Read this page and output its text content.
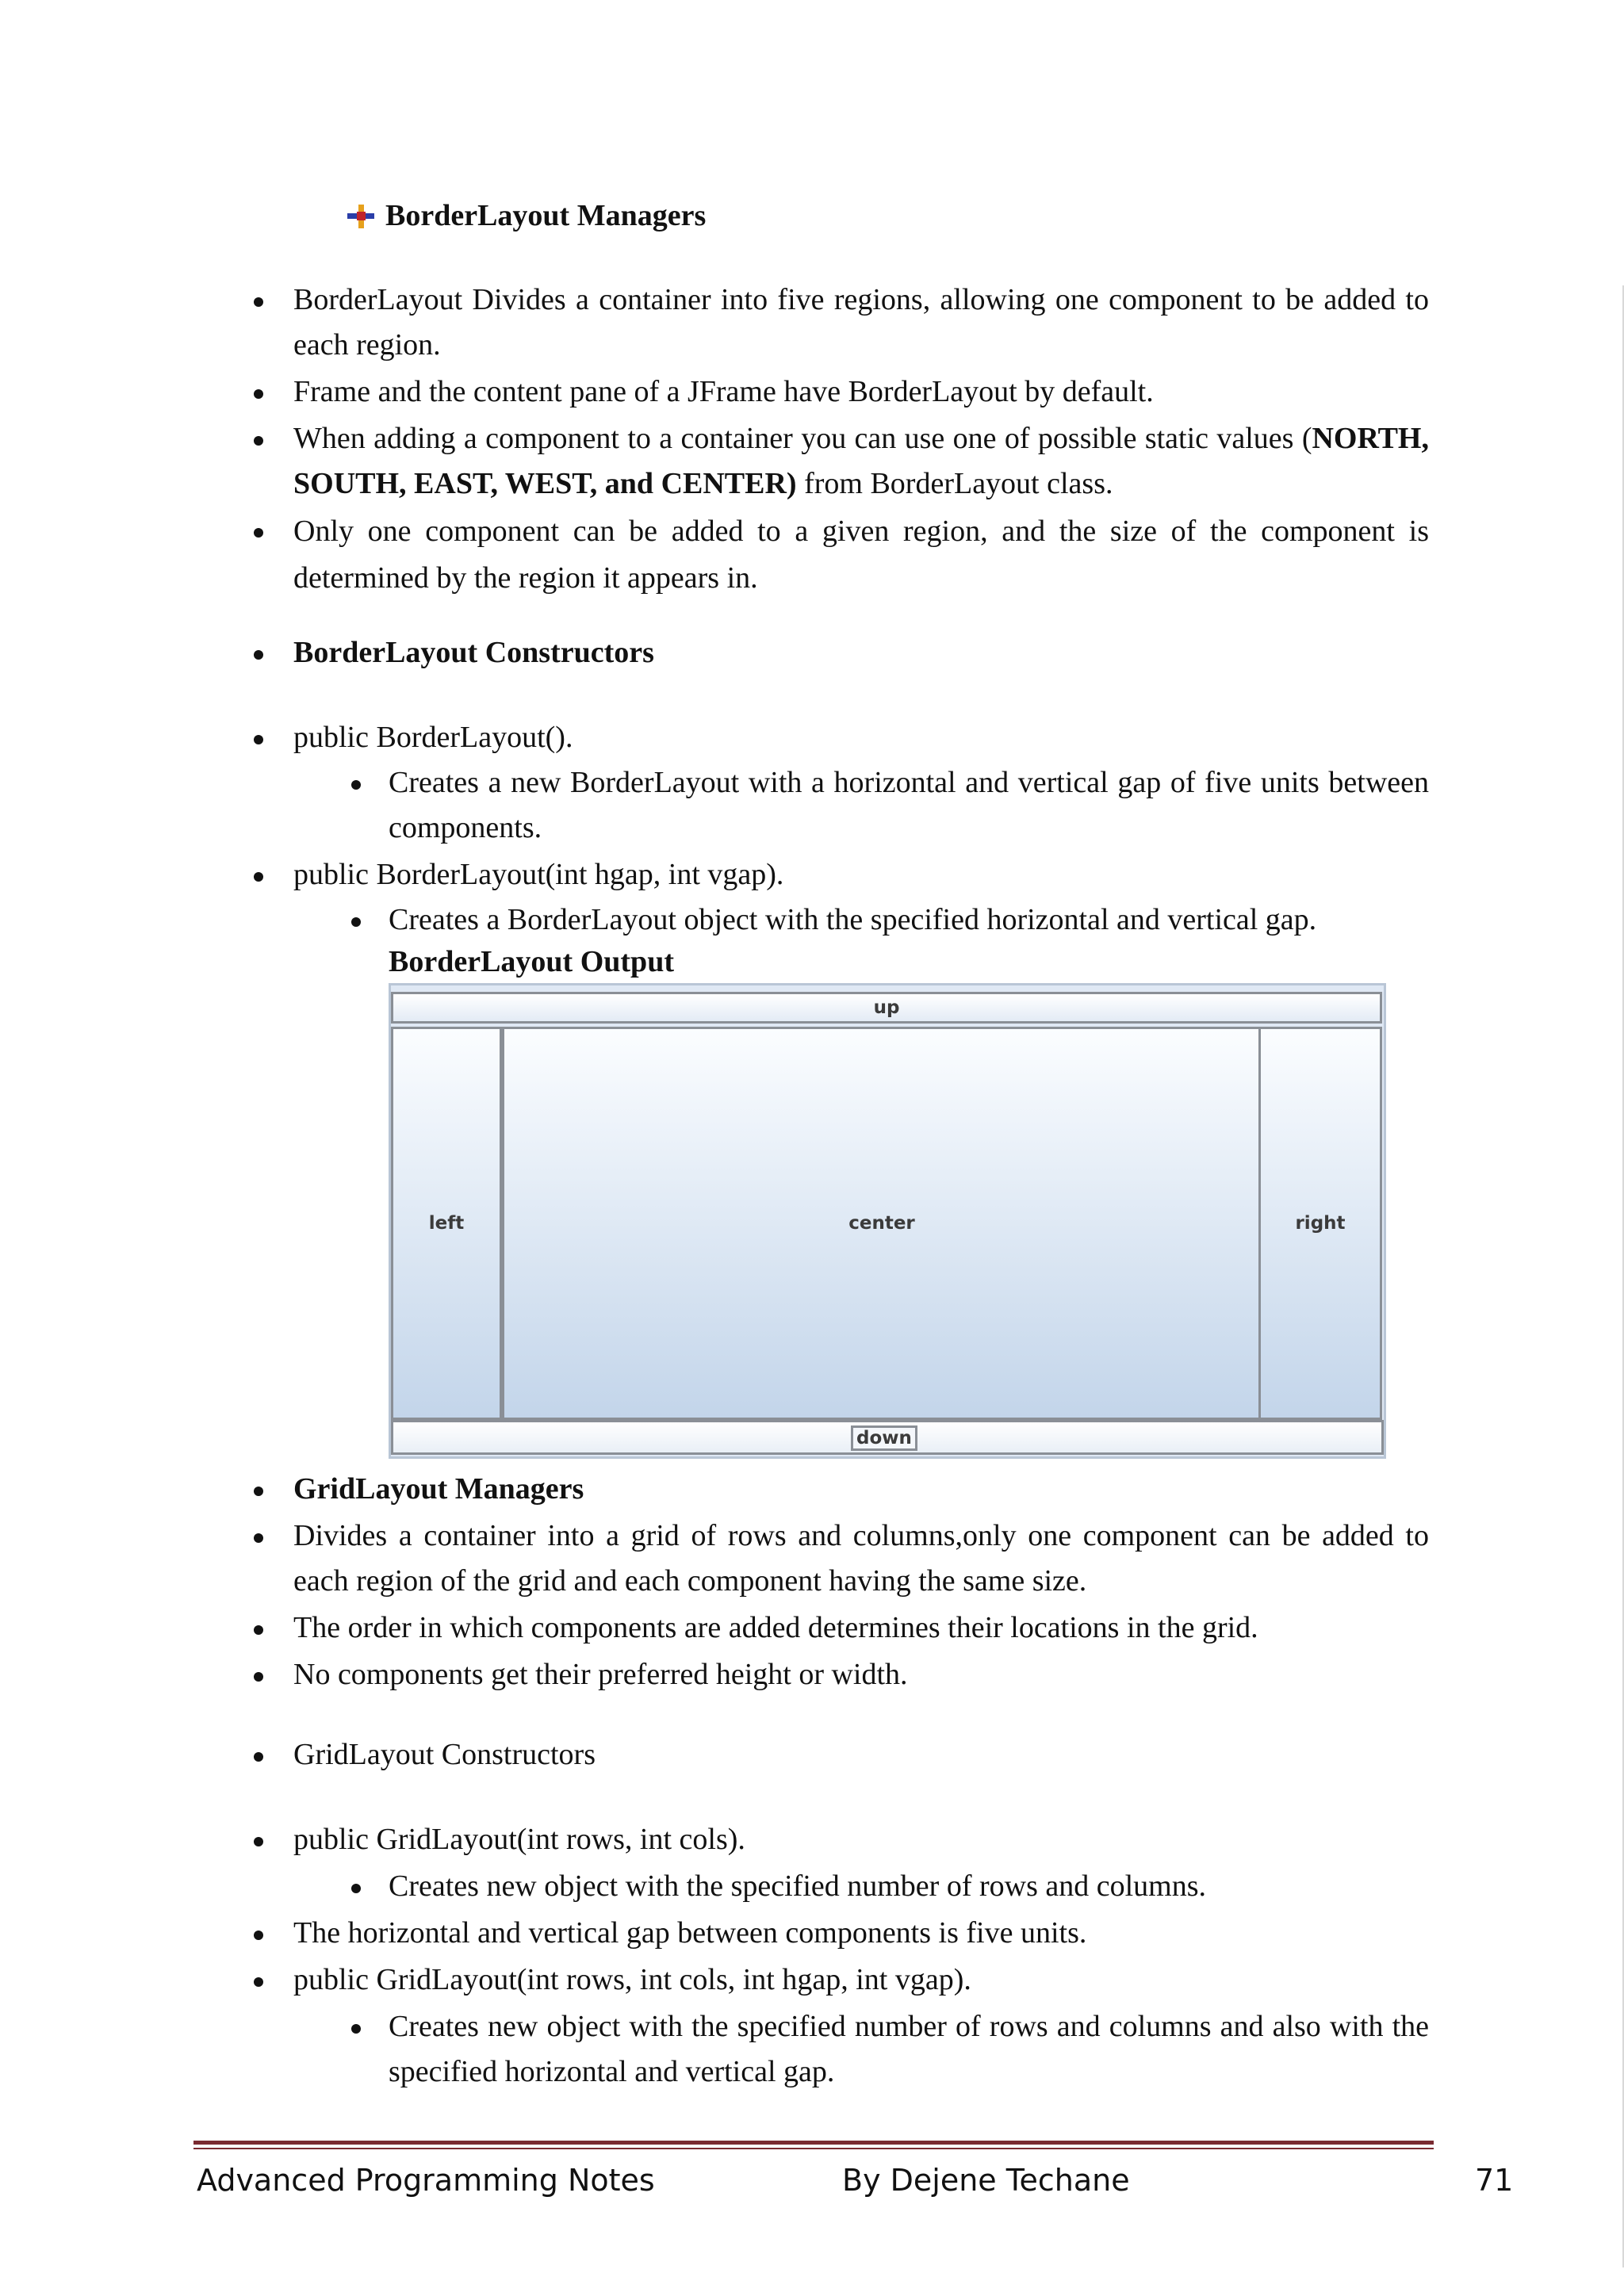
BorderLayout Managers
BorderLayout Divides a container into five regions, allowing one component to be added to each region.
Frame and the content pane of a JFrame have BorderLayout by default.
When adding a component to a container you can use one of possible static values (NORTH, SOUTH, EAST, WEST, and CENTER) from BorderLayout class.
Only one component can be added to a given region, and the size of the component is determined by the region it appears in.
BorderLayout Constructors
public BorderLayout().
Creates a new BorderLayout with a horizontal and vertical gap of five units between components.
public BorderLayout(int hgap, int vgap).
Creates a BorderLayout object with the specified horizontal and vertical gap.
BorderLayout Output
up
left	center	right
down
GridLayout Managers
Divides a container into a grid of rows and columns,only one component can be added to each region of the grid and each component having the same size.
The order in which components are added determines their locations in the grid.
No components get their preferred height or width.
GridLayout Constructors
public GridLayout(int rows, int cols).
Creates new object with the specified number of rows and columns.
The horizontal and vertical gap between components is five units.
public GridLayout(int rows, int cols, int hgap, int vgap).
Creates new object with the specified number of rows and columns and also with the specified horizontal and vertical gap.
Advanced Programming Notes	By Dejene Techane	71
